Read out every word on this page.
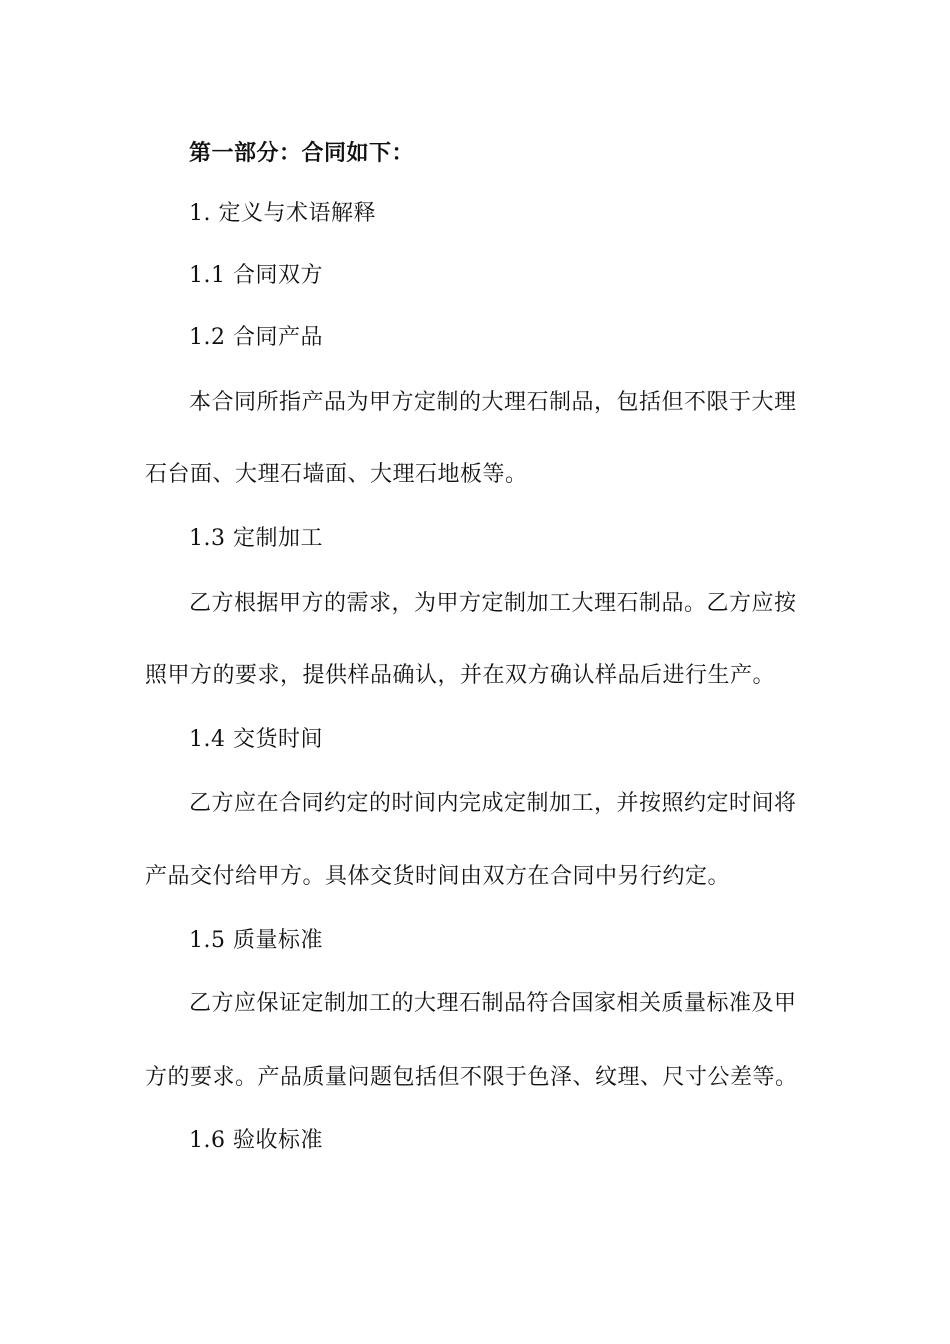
第一部分：合同如下：
1. 定义与术语解释
1.1 合同双方
1.2 合同产品
本合同所指产品为甲方定制的大理石制品，包括但不限于大理
石台面、大理石墙面、大理石地板等。
1.3 定制加工
乙方根据甲方的需求，为甲方定制加工大理石制品。乙方应按
照甲方的要求，提供样品确认，并在双方确认样品后进行生产。
1.4 交货时间
乙方应在合同约定的时间内完成定制加工，并按照约定时间将
产品交付给甲方。具体交货时间由双方在合同中另行约定。
1.5 质量标准
乙方应保证定制加工的大理石制品符合国家相关质量标准及甲
方的要求。产品质量问题包括但不限于色泽、纹理、尺寸公差等。
1.6 验收标准
